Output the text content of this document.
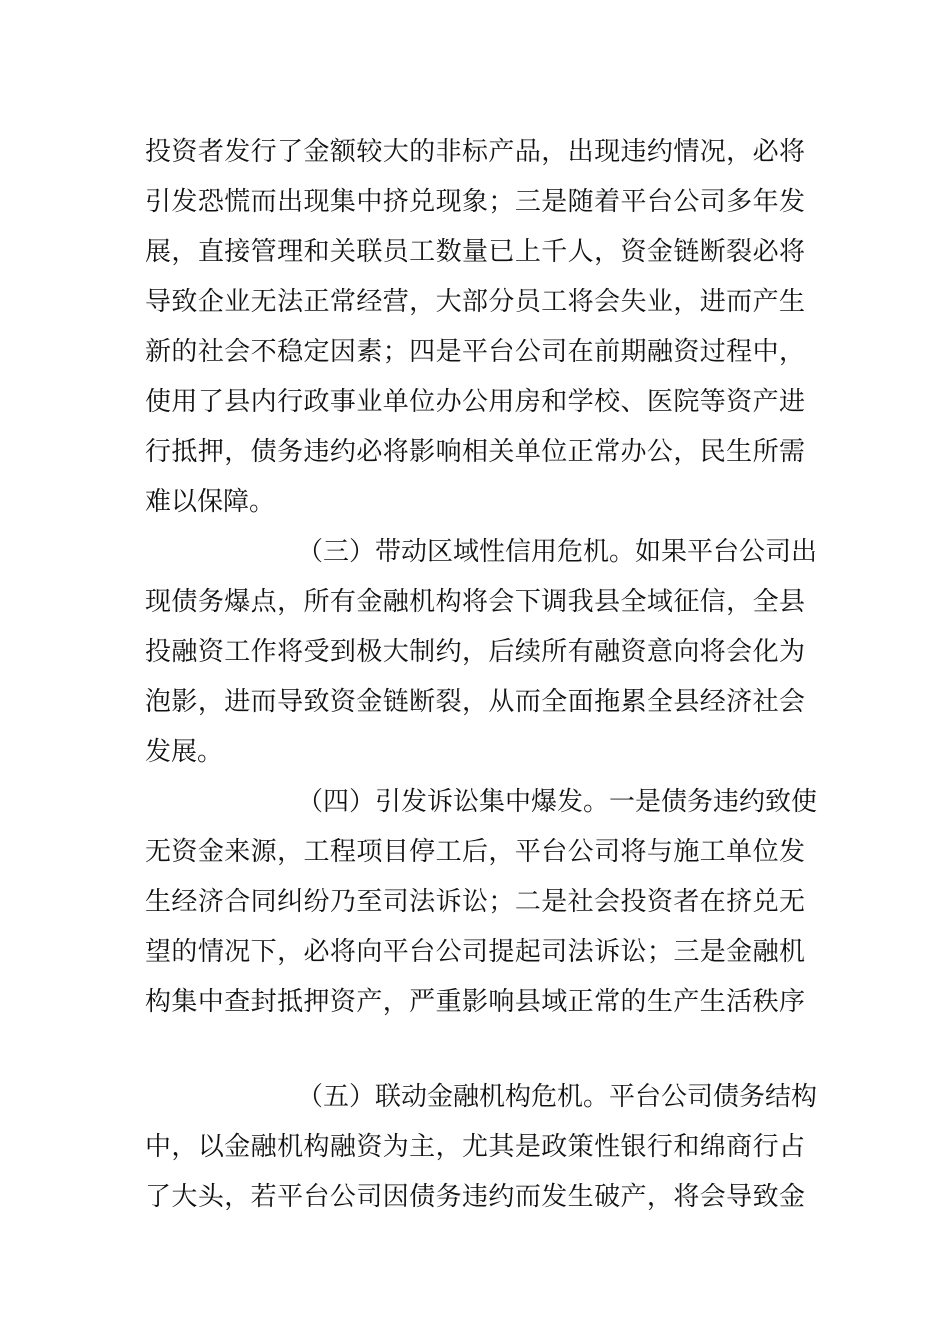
投资者发行了金额较大的非标产品，出现违约情况，必将
引发恐慌而出现集中挤兑现象；三是随着平台公司多年发
展，直接管理和关联员工数量已上千人，资金链断裂必将
导致企业无法正常经营，大部分员工将会失业，进而产生
新的社会不稳定因素；四是平台公司在前期融资过程中，
使用了县内行政事业单位办公用房和学校、医院等资产进
行抵押，债务违约必将影响相关单位正常办公，民生所需
难以保障。
（三）带动区域性信用危机。如果平台公司出
现债务爆点，所有金融机构将会下调我县全域征信，全县
投融资工作将受到极大制约，后续所有融资意向将会化为
泡影，进而导致资金链断裂，从而全面拖累全县经济社会
发展。
（四）引发诉讼集中爆发。一是债务违约致使
无资金来源，工程项目停工后，平台公司将与施工单位发
生经济合同纠纷乃至司法诉讼；二是社会投资者在挤兑无
望的情况下，必将向平台公司提起司法诉讼；三是金融机
构集中查封抵押资产，严重影响县域正常的生产生活秩序
（五）联动金融机构危机。平台公司债务结构
中，以金融机构融资为主，尤其是政策性银行和绵商行占
了大头，若平台公司因债务违约而发生破产，将会导致金
